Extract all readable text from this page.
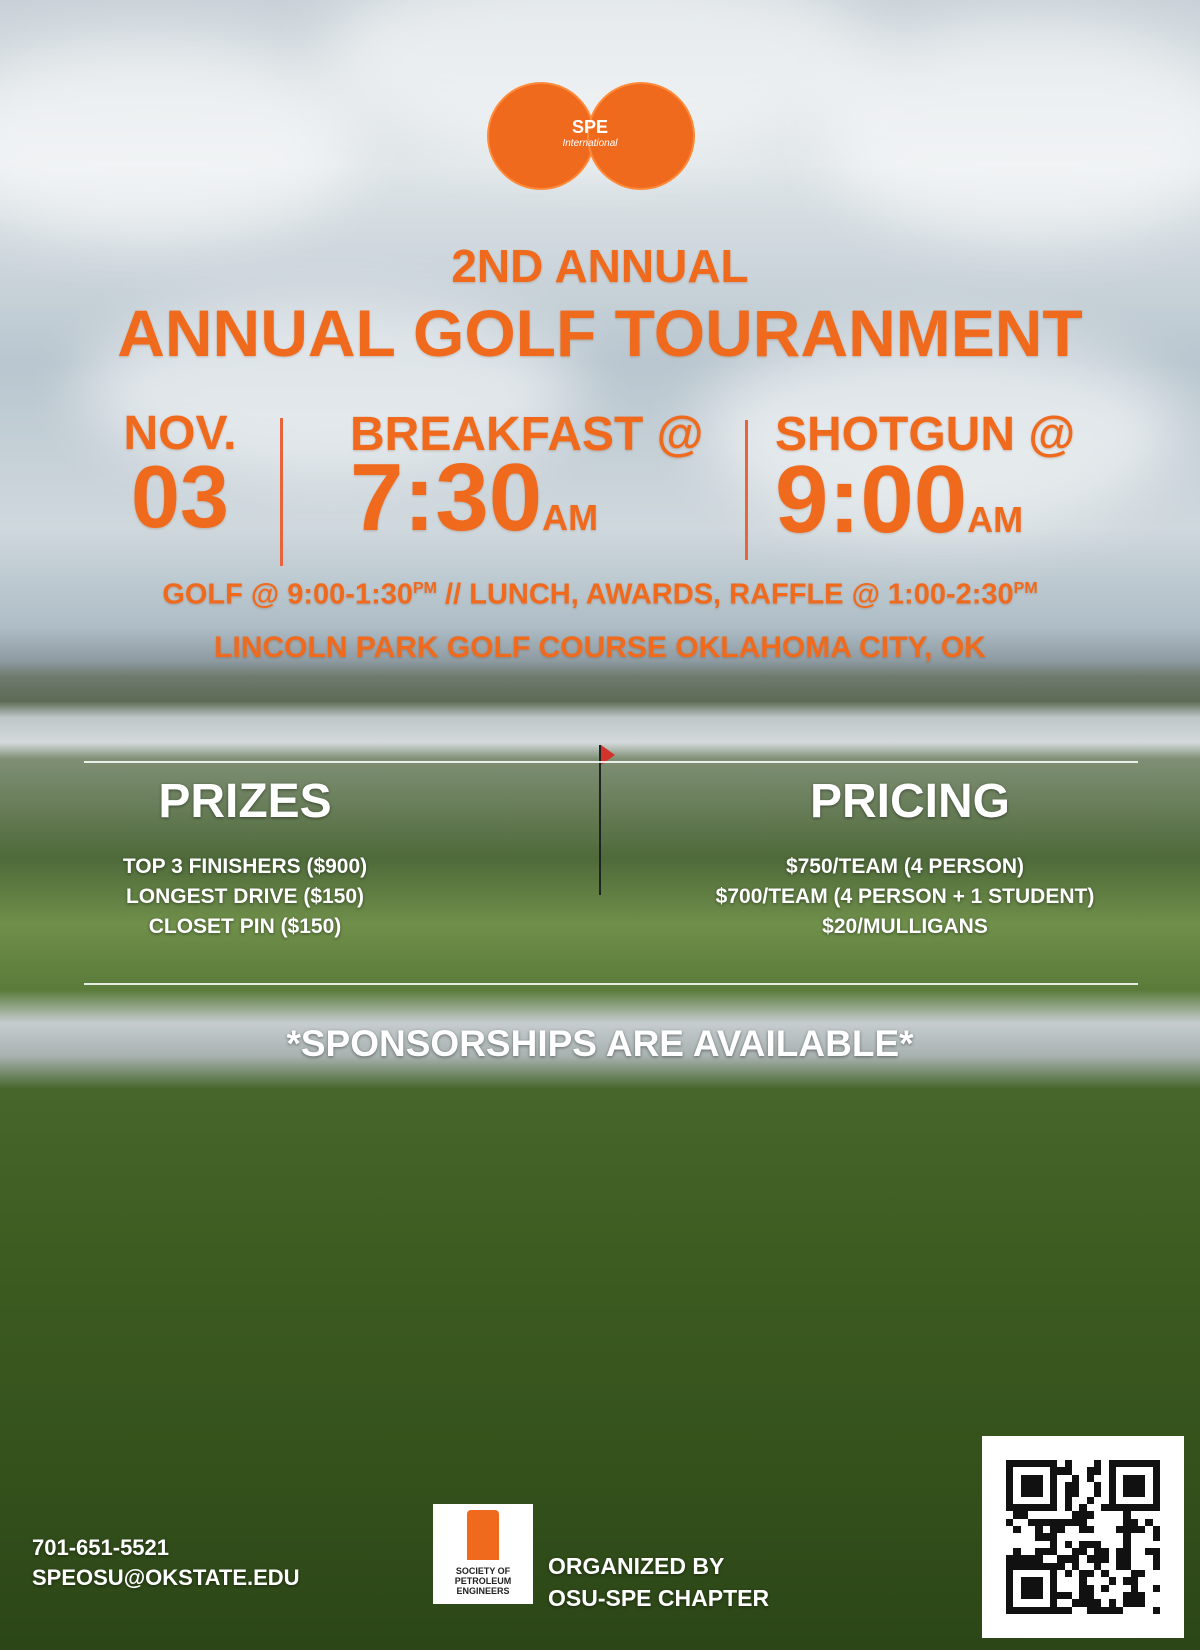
SPE
International
2ND ANNUAL
ANNUAL GOLF TOURANMENT
NOV.
03
BREAKFAST @
7:30AM
SHOTGUN @
9:00AM
GOLF @ $9:00-1:30^{PM}$ // LUNCH, AWARDS, RAFFLE @ $1:00-2:30^{PM}$
LINCOLN PARK GOLF COURSE OKLAHOMA CITY, OK
PRIZES
TOP 3 FINISHERS ($900)
LONGEST DRIVE ($150)
CLOSET PIN ($150)
PRICING
$750/TEAM (4 PERSON)
$700/TEAM (4 PERSON + 1 STUDENT)
$20/MULLIGANS
*SPONSORSHIPS ARE AVAILABLE*
701-651-5521
SPEOSU@OKSTATE.EDU	SOCIETY OF
PETROLEUM
ENGINEERS
ORGANIZED BY
OSU-SPE CHAPTER
